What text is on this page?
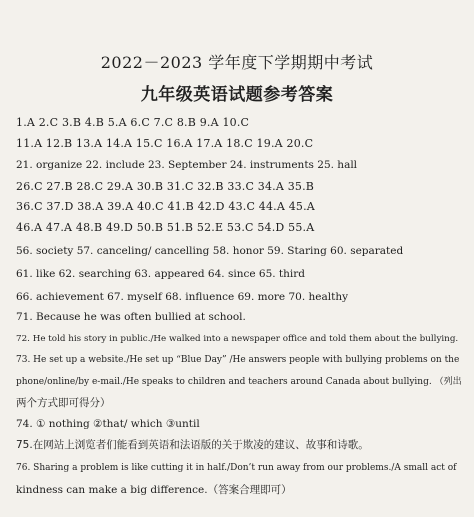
2022－2023 学年度下学期期中考试
九年级英语试题参考答案
1.A 2.C 3.B 4.B 5.A 6.C 7.C 8.B 9.A 10.C
11.A 12.B 13.A 14.A 15.C 16.A 17.A 18.C 19.A 20.C
21. organize 22. include 23. September 24. instruments 25. hall
26.C 27.B 28.C 29.A 30.B 31.C 32.B 33.C 34.A 35.B
36.C 37.D 38.A 39.A 40.C 41.B 42.D 43.C 44.A 45.A
46.A 47.A 48.B 49.D 50.B 51.B 52.E 53.C 54.D 55.A
56. society 57. canceling/ cancelling 58. honor 59. Staring 60. separated
61. like 62. searching 63. appeared 64. since 65. third
66. achievement 67. myself 68. influence 69. more 70. healthy
71. Because he was often bullied at school.
72. He told his story in public./He walked into a newspaper office and told them about the bullying.
73. He set up a website./He set up “Blue Day” /He answers people with bullying problems on the
phone/online/by e-mail./He speaks to children and teachers around Canada about bullying. （列出
两个方式即可得分）
74. ① nothing ②that/ which ③until
75.在网站上浏览者们能看到英语和法语版的关于欺凌的建议、故事和诗歌。
76. Sharing a problem is like cutting it in half./Don’t run away from our problems./A small act of
kindness can make a big difference.（答案合理即可）
